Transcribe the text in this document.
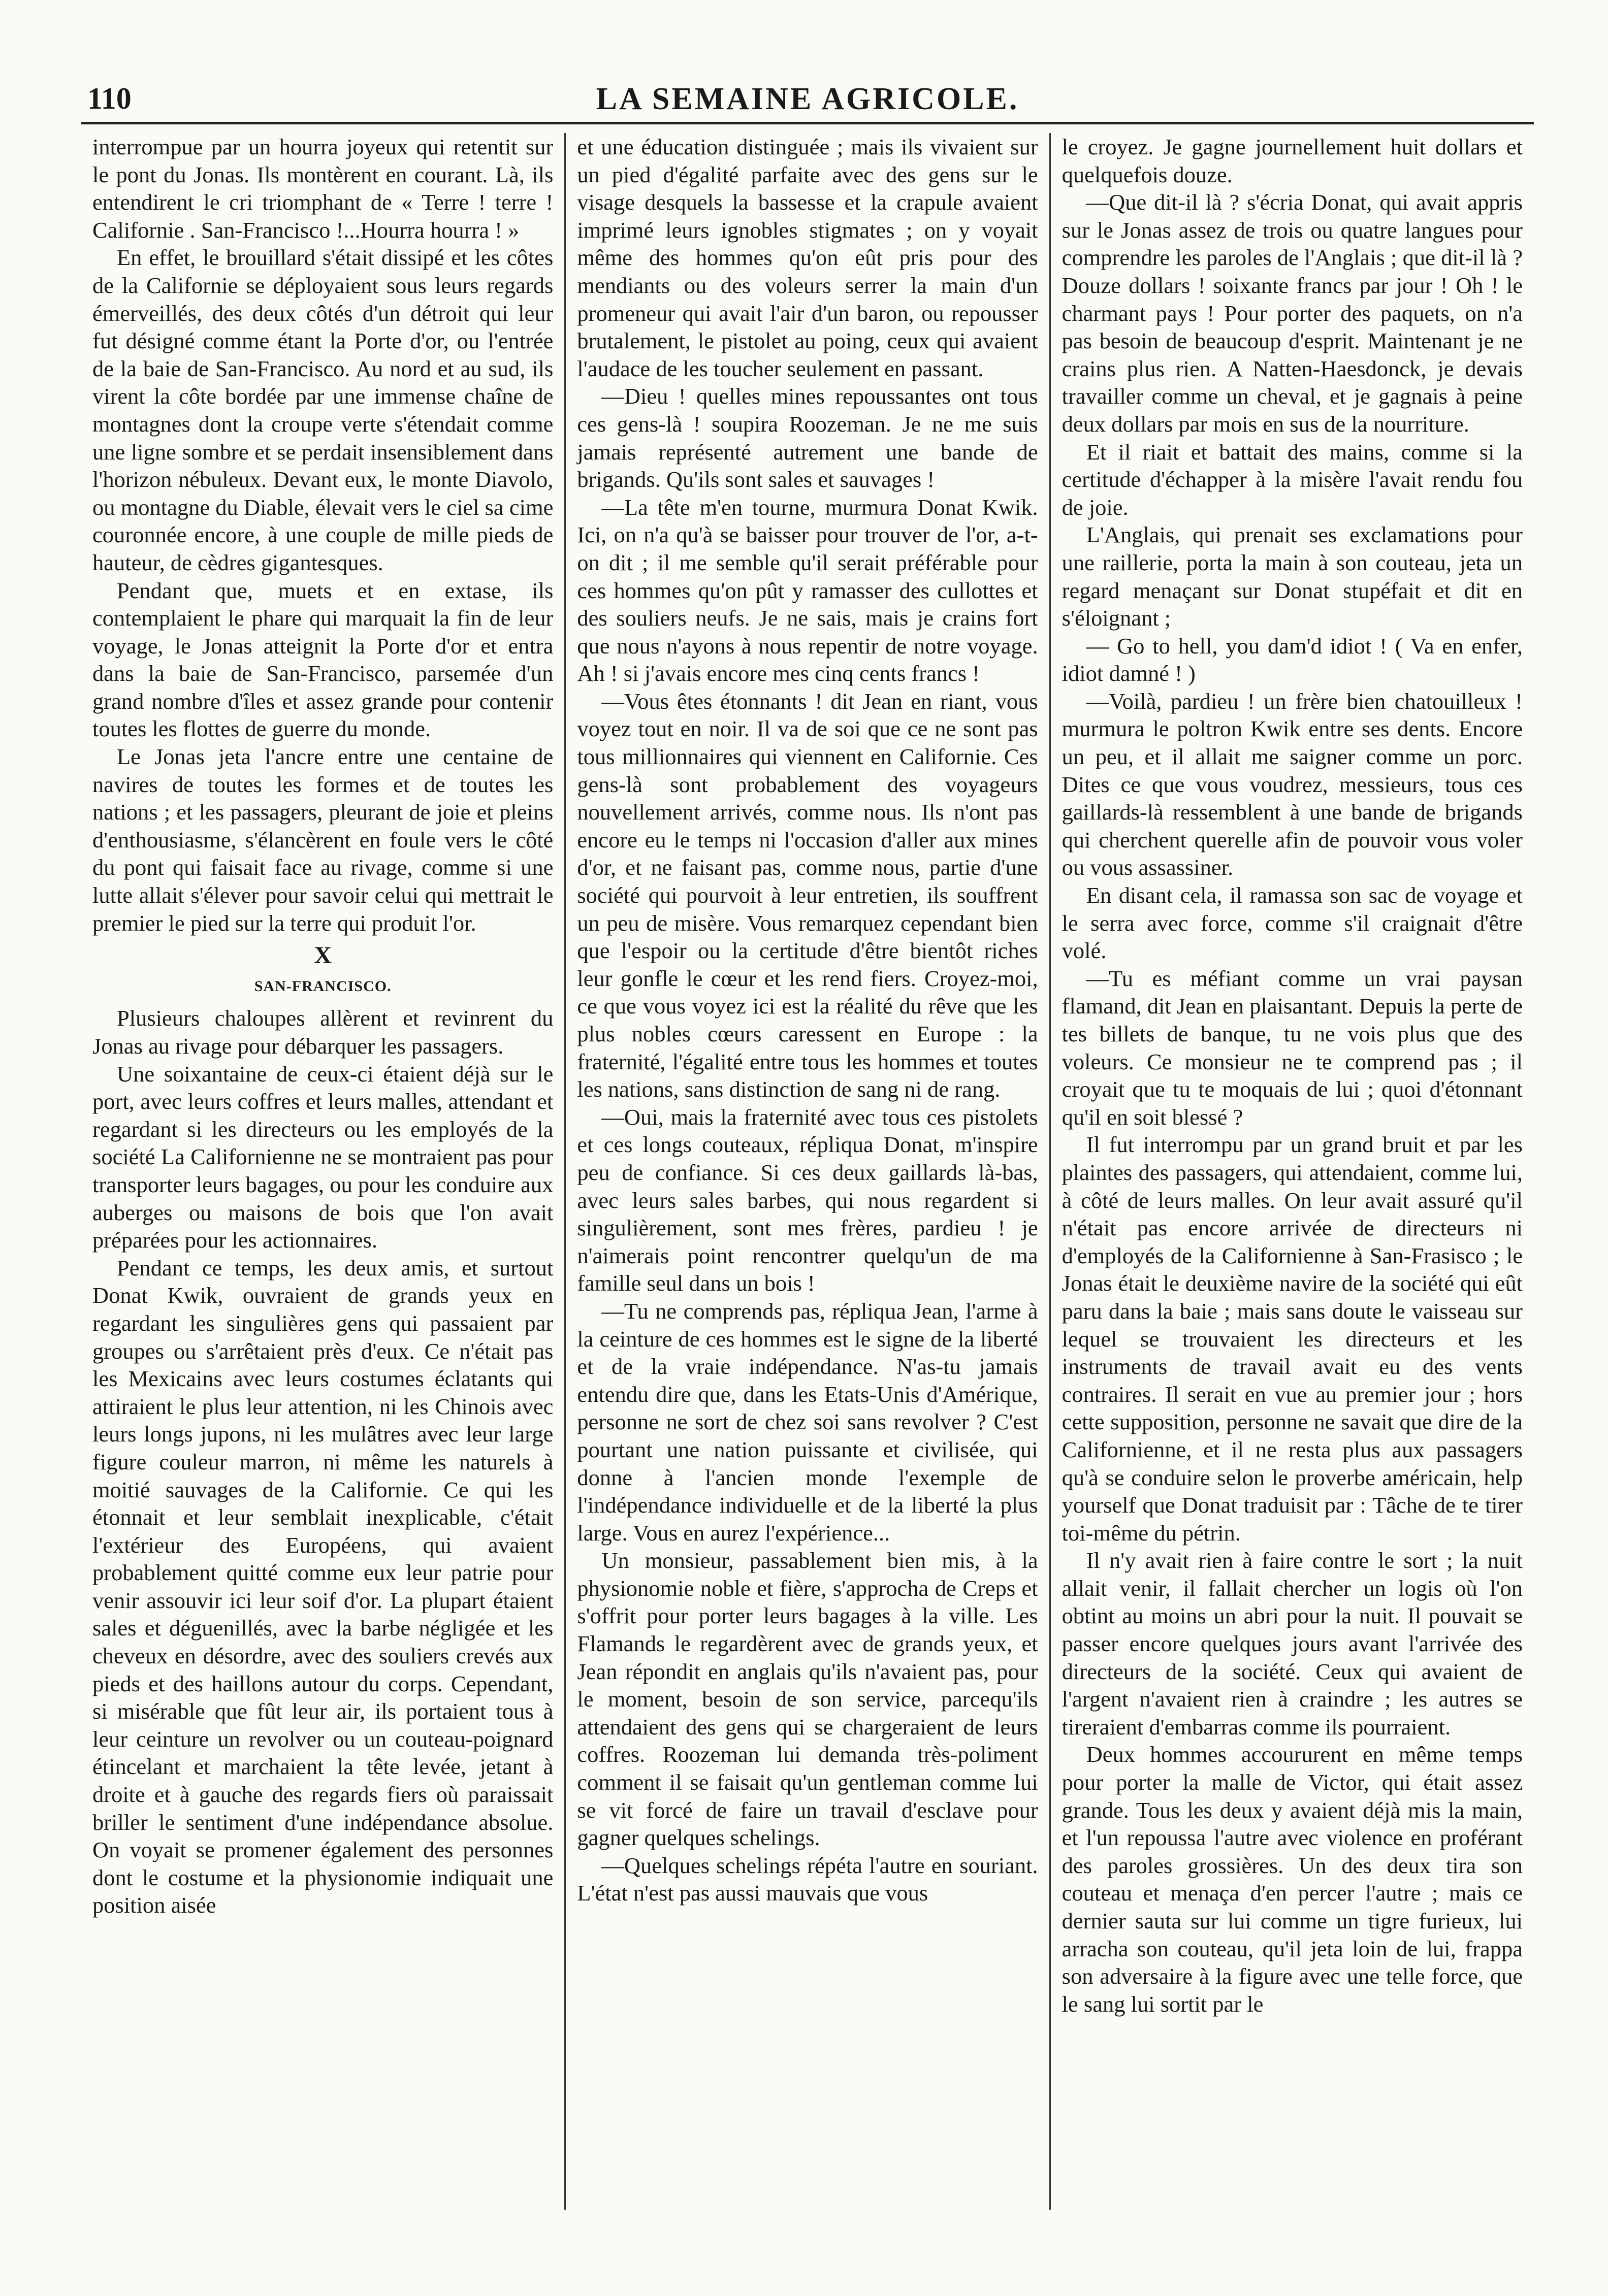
110	LA SEMAINE AGRICOLE.

interrompue par un hourra joyeux qui retentit sur le pont du Jonas. Ils montèrent en courant. Là, ils entendirent le cri triomphant de « Terre ! terre ! Californie . San-Francisco !...Hourra hourra ! »

En effet, le brouillard s'était dissipé et les côtes de la Californie se déployaient sous leurs regards émerveillés, des deux côtés d'un détroit qui leur fut désigné comme étant la Porte d'or, ou l'entrée de la baie de San-Francisco. Au nord et au sud, ils virent la côte bordée par une immense chaîne de montagnes dont la croupe verte s'étendait comme une ligne sombre et se perdait insensiblement dans l'horizon nébuleux. Devant eux, le monte Diavolo, ou montagne du Diable, élevait vers le ciel sa cime couronnée encore, à une couple de mille pieds de hauteur, de cèdres gigantesques.

Pendant que, muets et en extase, ils contemplaient le phare qui marquait la fin de leur voyage, le Jonas atteignit la Porte d'or et entra dans la baie de San-Francisco, parsemée d'un grand nombre d'îles et assez grande pour contenir toutes les flottes de guerre du monde.

Le Jonas jeta l'ancre entre une centaine de navires de toutes les formes et de toutes les nations ; et les passagers, pleurant de joie et pleins d'enthousiasme, s'élancèrent en foule vers le côté du pont qui faisait face au rivage, comme si une lutte allait s'élever pour savoir celui qui mettrait le premier le pied sur la terre qui produit l'or.

X
SAN-FRANCISCO.

Plusieurs chaloupes allèrent et revinrent du Jonas au rivage pour débarquer les passagers.

Une soixantaine de ceux-ci étaient déjà sur le port, avec leurs coffres et leurs malles, attendant et regardant si les directeurs ou les employés de la société La Californienne ne se montraient pas pour transporter leurs bagages, ou pour les conduire aux auberges ou maisons de bois que l'on avait préparées pour les actionnaires.

Pendant ce temps, les deux amis, et surtout Donat Kwik, ouvraient de grands yeux en regardant les singulières gens qui passaient par groupes ou s'arrêtaient près d'eux. Ce n'était pas les Mexicains avec leurs costumes éclatants qui attiraient le plus leur attention, ni les Chinois avec leurs longs jupons, ni les mulâtres avec leur large figure couleur marron, ni même les naturels à moitié sauvages de la Californie. Ce qui les étonnait et leur semblait inexplicable, c'était l'extérieur des Européens, qui avaient probablement quitté comme eux leur patrie pour venir assouvir ici leur soif d'or. La plupart étaient sales et déguenillés, avec la barbe négligée et les cheveux en désordre, avec des souliers crevés aux pieds et des haillons autour du corps. Cependant, si misérable que fût leur air, ils portaient tous à leur ceinture un revolver ou un couteau-poignard étincelant et marchaient la tête levée, jetant à droite et à gauche des regards fiers où paraissait briller le sentiment d'une indépendance absolue. On voyait se promener également des personnes dont le costume et la physionomie indiquait une position aisée

et une éducation distinguée ; mais ils vivaient sur un pied d'égalité parfaite avec des gens sur le visage desquels la bassesse et la crapule avaient imprimé leurs ignobles stigmates ; on y voyait même des hommes qu'on eût pris pour des mendiants ou des voleurs serrer la main d'un promeneur qui avait l'air d'un baron, ou repousser brutalement, le pistolet au poing, ceux qui avaient l'audace de les toucher seulement en passant.

—Dieu ! quelles mines repoussantes ont tous ces gens-là ! soupira Roozeman. Je ne me suis jamais représenté autrement une bande de brigands. Qu'ils sont sales et sauvages !

—La tête m'en tourne, murmura Donat Kwik. Ici, on n'a qu'à se baisser pour trouver de l'or, a-t-on dit ; il me semble qu'il serait préférable pour ces hommes qu'on pût y ramasser des cullottes et des souliers neufs. Je ne sais, mais je crains fort que nous n'ayons à nous repentir de notre voyage. Ah ! si j'avais encore mes cinq cents francs !

—Vous êtes étonnants ! dit Jean en riant, vous voyez tout en noir. Il va de soi que ce ne sont pas tous millionnaires qui viennent en Californie. Ces gens-là sont probablement des voyageurs nouvellement arrivés, comme nous. Ils n'ont pas encore eu le temps ni l'occasion d'aller aux mines d'or, et ne faisant pas, comme nous, partie d'une société qui pourvoit à leur entretien, ils souffrent un peu de misère. Vous remarquez cependant bien que l'espoir ou la certitude d'être bientôt riches leur gonfle le cœur et les rend fiers. Croyez-moi, ce que vous voyez ici est la réalité du rêve que les plus nobles cœurs caressent en Europe : la fraternité, l'égalité entre tous les hommes et toutes les nations, sans distinction de sang ni de rang.

—Oui, mais la fraternité avec tous ces pistolets et ces longs couteaux, répliqua Donat, m'inspire peu de confiance. Si ces deux gaillards là-bas, avec leurs sales barbes, qui nous regardent si singulièrement, sont mes frères, pardieu ! je n'aimerais point rencontrer quelqu'un de ma famille seul dans un bois !

—Tu ne comprends pas, répliqua Jean, l'arme à la ceinture de ces hommes est le signe de la liberté et de la vraie indépendance. N'as-tu jamais entendu dire que, dans les Etats-Unis d'Amérique, personne ne sort de chez soi sans revolver ? C'est pourtant une nation puissante et civilisée, qui donne à l'ancien monde l'exemple de l'indépendance individuelle et de la liberté la plus large. Vous en aurez l'expérience...

Un monsieur, passablement bien mis, à la physionomie noble et fière, s'approcha de Creps et s'offrit pour porter leurs bagages à la ville. Les Flamands le regardèrent avec de grands yeux, et Jean répondit en anglais qu'ils n'avaient pas, pour le moment, besoin de son service, parcequ'ils attendaient des gens qui se chargeraient de leurs coffres. Roozeman lui demanda très-poliment comment il se faisait qu'un gentleman comme lui se vit forcé de faire un travail d'esclave pour gagner quelques schelings.

—Quelques schelings répéta l'autre en souriant. L'état n'est pas aussi mauvais que vous

le croyez. Je gagne journellement huit dollars et quelquefois douze.

—Que dit-il là ? s'écria Donat, qui avait appris sur le Jonas assez de trois ou quatre langues pour comprendre les paroles de l'Anglais ; que dit-il là ? Douze dollars ! soixante francs par jour ! Oh ! le charmant pays ! Pour porter des paquets, on n'a pas besoin de beaucoup d'esprit. Maintenant je ne crains plus rien. A Natten-Haesdonck, je devais travailler comme un cheval, et je gagnais à peine deux dollars par mois en sus de la nourriture.

Et il riait et battait des mains, comme si la certitude d'échapper à la misère l'avait rendu fou de joie.

L'Anglais, qui prenait ses exclamations pour une raillerie, porta la main à son couteau, jeta un regard menaçant sur Donat stupéfait et dit en s'éloignant ;

— Go to hell, you dam'd idiot ! ( Va en enfer, idiot damné ! )

—Voilà, pardieu ! un frère bien chatouilleux ! murmura le poltron Kwik entre ses dents. Encore un peu, et il allait me saigner comme un porc. Dites ce que vous voudrez, messieurs, tous ces gaillards-là ressemblent à une bande de brigands qui cherchent querelle afin de pouvoir vous voler ou vous assassiner.

En disant cela, il ramassa son sac de voyage et le serra avec force, comme s'il craignait d'être volé.

—Tu es méfiant comme un vrai paysan flamand, dit Jean en plaisantant. Depuis la perte de tes billets de banque, tu ne vois plus que des voleurs. Ce monsieur ne te comprend pas ; il croyait que tu te moquais de lui ; quoi d'étonnant qu'il en soit blessé ?

Il fut interrompu par un grand bruit et par les plaintes des passagers, qui attendaient, comme lui, à côté de leurs malles. On leur avait assuré qu'il n'était pas encore arrivée de directeurs ni d'employés de la Californienne à San-Frasisco ; le Jonas était le deuxième navire de la société qui eût paru dans la baie ; mais sans doute le vaisseau sur lequel se trouvaient les directeurs et les instruments de travail avait eu des vents contraires. Il serait en vue au premier jour ; hors cette supposition, personne ne savait que dire de la Californienne, et il ne resta plus aux passagers qu'à se conduire selon le proverbe américain, help yourself que Donat traduisit par : Tâche de te tirer toi-même du pétrin.

Il n'y avait rien à faire contre le sort ; la nuit allait venir, il fallait chercher un logis où l'on obtint au moins un abri pour la nuit. Il pouvait se passer encore quelques jours avant l'arrivée des directeurs de la société. Ceux qui avaient de l'argent n'avaient rien à craindre ; les autres se tireraient d'embarras comme ils pourraient.

Deux hommes accoururent en même temps pour porter la malle de Victor, qui était assez grande. Tous les deux y avaient déjà mis la main, et l'un repoussa l'autre avec violence en proférant des paroles grossières. Un des deux tira son couteau et menaça d'en percer l'autre ; mais ce dernier sauta sur lui comme un tigre furieux, lui arracha son couteau, qu'il jeta loin de lui, frappa son adversaire à la figure avec une telle force, que le sang lui sortit par le
